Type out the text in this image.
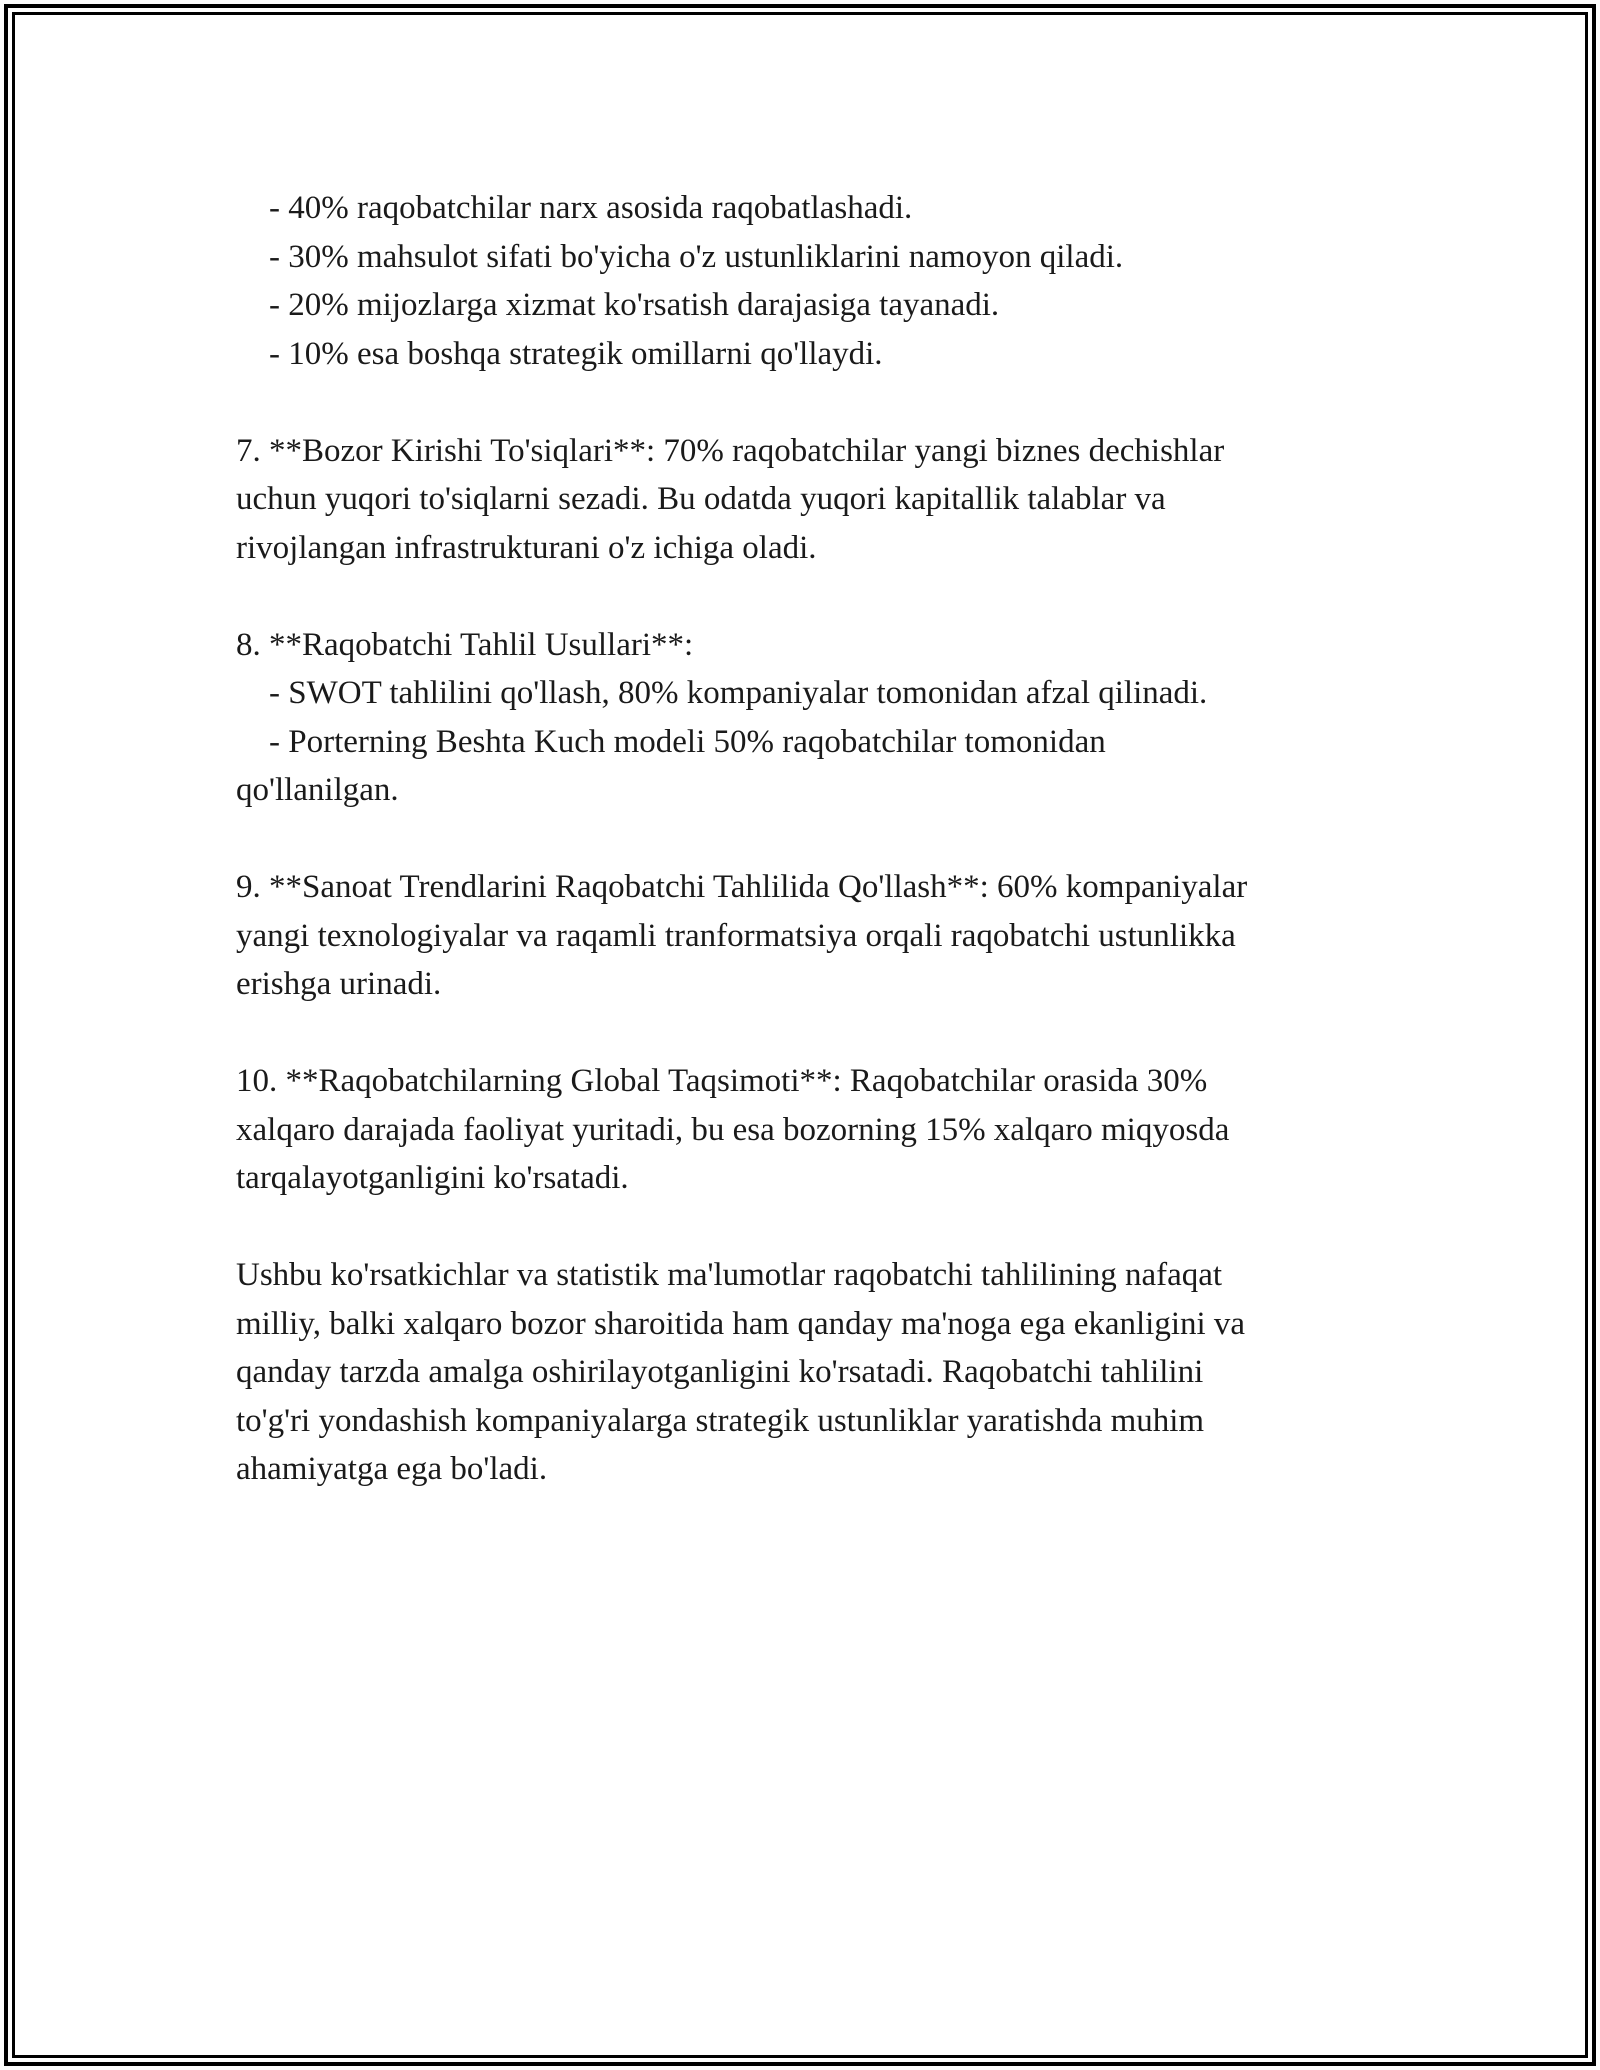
- 40% raqobatchilar narx asosida raqobatlashadi.

- 30% mahsulot sifati bo'yicha o'z ustunliklarini namoyon qiladi.

- 20% mijozlarga xizmat ko'rsatish darajasiga tayanadi.

- 10% esa boshqa strategik omillarni qo'llaydi.

7. **Bozor Kirishi To'siqlari**: 70% raqobatchilar yangi biznes dechishlar

uchun yuqori to'siqlarni sezadi. Bu odatda yuqori kapitallik talablar va

rivojlangan infrastrukturani o'z ichiga oladi.

8. **Raqobatchi Tahlil Usullari**:

- SWOT tahlilini qo'llash, 80% kompaniyalar tomonidan afzal qilinadi.

- Porterning Beshta Kuch modeli 50% raqobatchilar tomonidan

qo'llanilgan.

9. **Sanoat Trendlarini Raqobatchi Tahlilida Qo'llash**: 60% kompaniyalar

yangi texnologiyalar va raqamli tranformatsiya orqali raqobatchi ustunlikka

erishga urinadi.

10. **Raqobatchilarning Global Taqsimoti**: Raqobatchilar orasida 30%

xalqaro darajada faoliyat yuritadi, bu esa bozorning 15% xalqaro miqyosda

tarqalayotganligini ko'rsatadi.

Ushbu ko'rsatkichlar va statistik ma'lumotlar raqobatchi tahlilining nafaqat

milliy, balki xalqaro bozor sharoitida ham qanday ma'noga ega ekanligini va

qanday tarzda amalga oshirilayotganligini ko'rsatadi. Raqobatchi tahlilini

to'g'ri yondashish kompaniyalarga strategik ustunliklar yaratishda muhim

ahamiyatga ega bo'ladi.
